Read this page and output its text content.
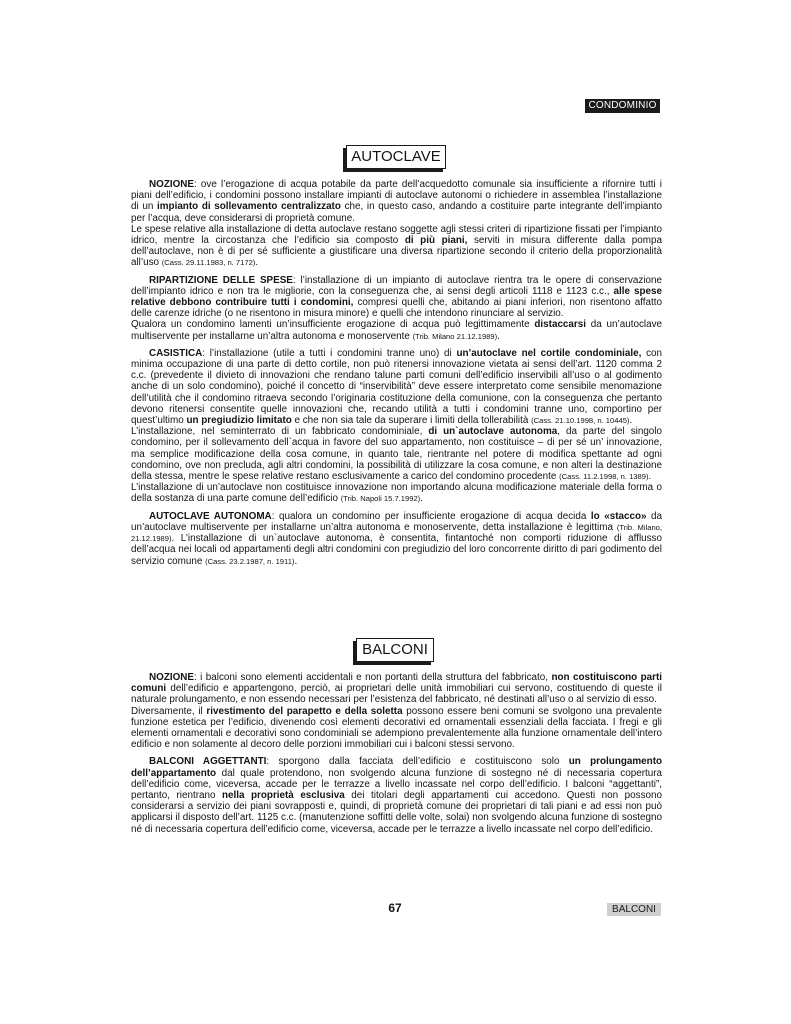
CONDOMINIO
AUTOCLAVE

NOZIONE: ove l’erogazione di acqua potabile da parte dell’acquedotto comunale sia insufficiente a rifornire tutti i piani dell’edificio, i condomini possono installare impianti di autoclave autonomi o richiedere in assemblea l’installazione di un impianto di sollevamento centralizzato che, in questo caso, andando a costituire parte integrante dell’impianto per l’acqua, deve considerarsi di proprietà comune.

Le spese relative alla installazione di detta autoclave restano soggette agli stessi criteri di ripartizione fissati per l’impianto idrico, mentre la circostanza che l’edificio sia composto di più piani, serviti in misura differente dalla pompa dell’autoclave, non è di per sé sufficiente a giustificare una diversa ripartizione secondo il criterio della proporzionalità all’uso (Cass. 29.11.1983, n. 7172).

RIPARTIZIONE DELLE SPESE: l’installazione di un impianto di autoclave rientra tra le opere di conservazione dell’impianto idrico e non tra le migliorie, con la conseguenza che, ai sensi degli articoli 1118 e 1123 c.c., alle spese relative debbono contribuire tutti i condomini, compresi quelli che, abitando ai piani inferiori, non risentono affatto delle carenze idriche (o ne risentono in misura minore) e quelli che intendono rinunciare al servizio.

Qualora un condomino lamenti un’insufficiente erogazione di acqua può legittimamente distaccarsi da un’autoclave multiservente per installarne un’altra autonoma e monoservente (Trib. Milano 21.12.1989).

CASISTICA: l’installazione (utile a tutti i condomini tranne uno) di un’autoclave nel cortile condominiale, con minima occupazione di una parte di detto cortile, non può ritenersi innovazione vietata ai sensi dell’art. 1120 comma 2 c.c. (prevedente il divieto di innovazioni che rendano talune parti comuni dell’edificio inservibili all’uso o al godimento anche di un solo condomino), poiché il concetto di “inservibilità” deve essere interpretato come sensibile menomazione dell’utilità che il condomino ritraeva secondo l’originaria costituzione della comunione, con la conseguenza che pertanto devono ritenersi consentite quelle innovazioni che, recando utilità a tutti i condomini tranne uno, comportino per quest’ultimo un pregiudizio limitato e che non sia tale da superare i limiti della tollerabilità (Cass. 21.10.1998, n. 10445).

L’installazione, nel seminterrato di un fabbricato condominiale, di un`autoclave autonoma, da parte del singolo condomino, per il sollevamento dell`acqua in favore del suo appartamento, non costituisce – di per sé un’ innovazione, ma semplice modificazione della cosa comune, in quanto tale, rientrante nel potere di modifica spettante ad ogni condomino, ove non precluda, agli altri condomini, la possibilità di utilizzare la cosa comune, e non alteri la destinazione della stessa, mentre le spese relative restano esclusivamente a carico del condomino procedente (Cass. 11.2.1998, n. 1389).

L’installazione di un’autoclave non costituisce innovazione non importando alcuna modificazione materiale della forma o della sostanza di una parte comune dell’edificio (Trib. Napoli 15.7.1992).

AUTOCLAVE AUTONOMA: qualora un condomino per insufficiente erogazione di acqua decida lo «stacco» da un’autoclave multiservente per installarne un’altra autonoma e monoservente, detta installazione è legittima (Trib. Milano, 21.12.1989). L’installazione di un`autoclave autonoma, è consentita, fintantoché non comporti riduzione di afflusso dell’acqua nei locali od appartamenti degli altri condomini con pregiudizio del loro concorrente diritto di pari godimento del servizio comune (Cass. 23.2.1987, n. 1911).

BALCONI

NOZIONE: i balconi sono elementi accidentali e non portanti della struttura del fabbricato, non costituiscono parti comuni dell’edificio e appartengono, perciò, ai proprietari delle unità immobiliari cui servono, costituendo di queste il naturale prolungamento, e non essendo necessari per l’esistenza del fabbricato, né destinati all’uso o al servizio di esso.

Diversamente, il rivestimento del parapetto e della soletta possono essere beni comuni se svolgono una prevalente funzione estetica per l’edificio, divenendo così elementi decorativi ed ornamentali essenziali della facciata. I fregi e gli elementi ornamentali e decorativi sono condominiali se adempiono prevalentemente alla funzione ornamentale dell’intero edificio e non solamente al decoro delle porzioni immobiliari cui i balconi stessi servono.

BALCONI AGGETTANTI: sporgono dalla facciata dell’edificio e costituiscono solo un prolungamento dell’appartamento dal quale protendono, non svolgendo alcuna funzione di sostegno né di necessaria copertura dell’edificio come, viceversa, accade per le terrazze a livello incassate nel corpo dell’edificio. I balconi “aggettanti”, pertanto, rientrano nella proprietà esclusiva dei titolari degli appartamenti cui accedono. Questi non possono considerarsi a servizio dei piani sovrapposti e, quindi, di proprietà comune dei proprietari di tali piani e ad essi non può applicarsi il disposto dell’art. 1125 c.c. (manutenzione soffitti delle volte, solai) non svolgendo alcuna funzione di sostegno né di necessaria copertura dell’edificio come, viceversa, accade per le terrazze a livello incassate nel corpo dell’edificio.

67	BALCONI
